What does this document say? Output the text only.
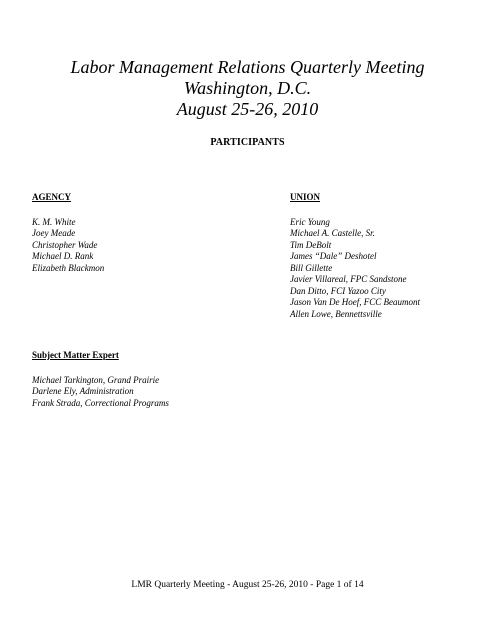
Labor Management Relations Quarterly Meeting

Washington, D.C.

August 25-26, 2010

PARTICIPANTS
AGENCY
K. M. White
Joey Meade
Christopher Wade
Michael D. Rank
Elizabeth Blackmon
UNION
Eric Young
Michael A. Castelle, Sr.
Tim DeBolt
James “Dale” Deshotel
Bill Gillette
Javier Villareal, FPC Sandstone
Dan Ditto, FCI Yazoo City
Jason Van De Hoef, FCC Beaumont
Allen Lowe, Bennettsville
Subject Matter Expert
Michael Tarkington, Grand Prairie
Darlene Ely, Administration
Frank Strada, Correctional Programs
LMR Quarterly Meeting - August 25-26, 2010 - Page 1 of 14
